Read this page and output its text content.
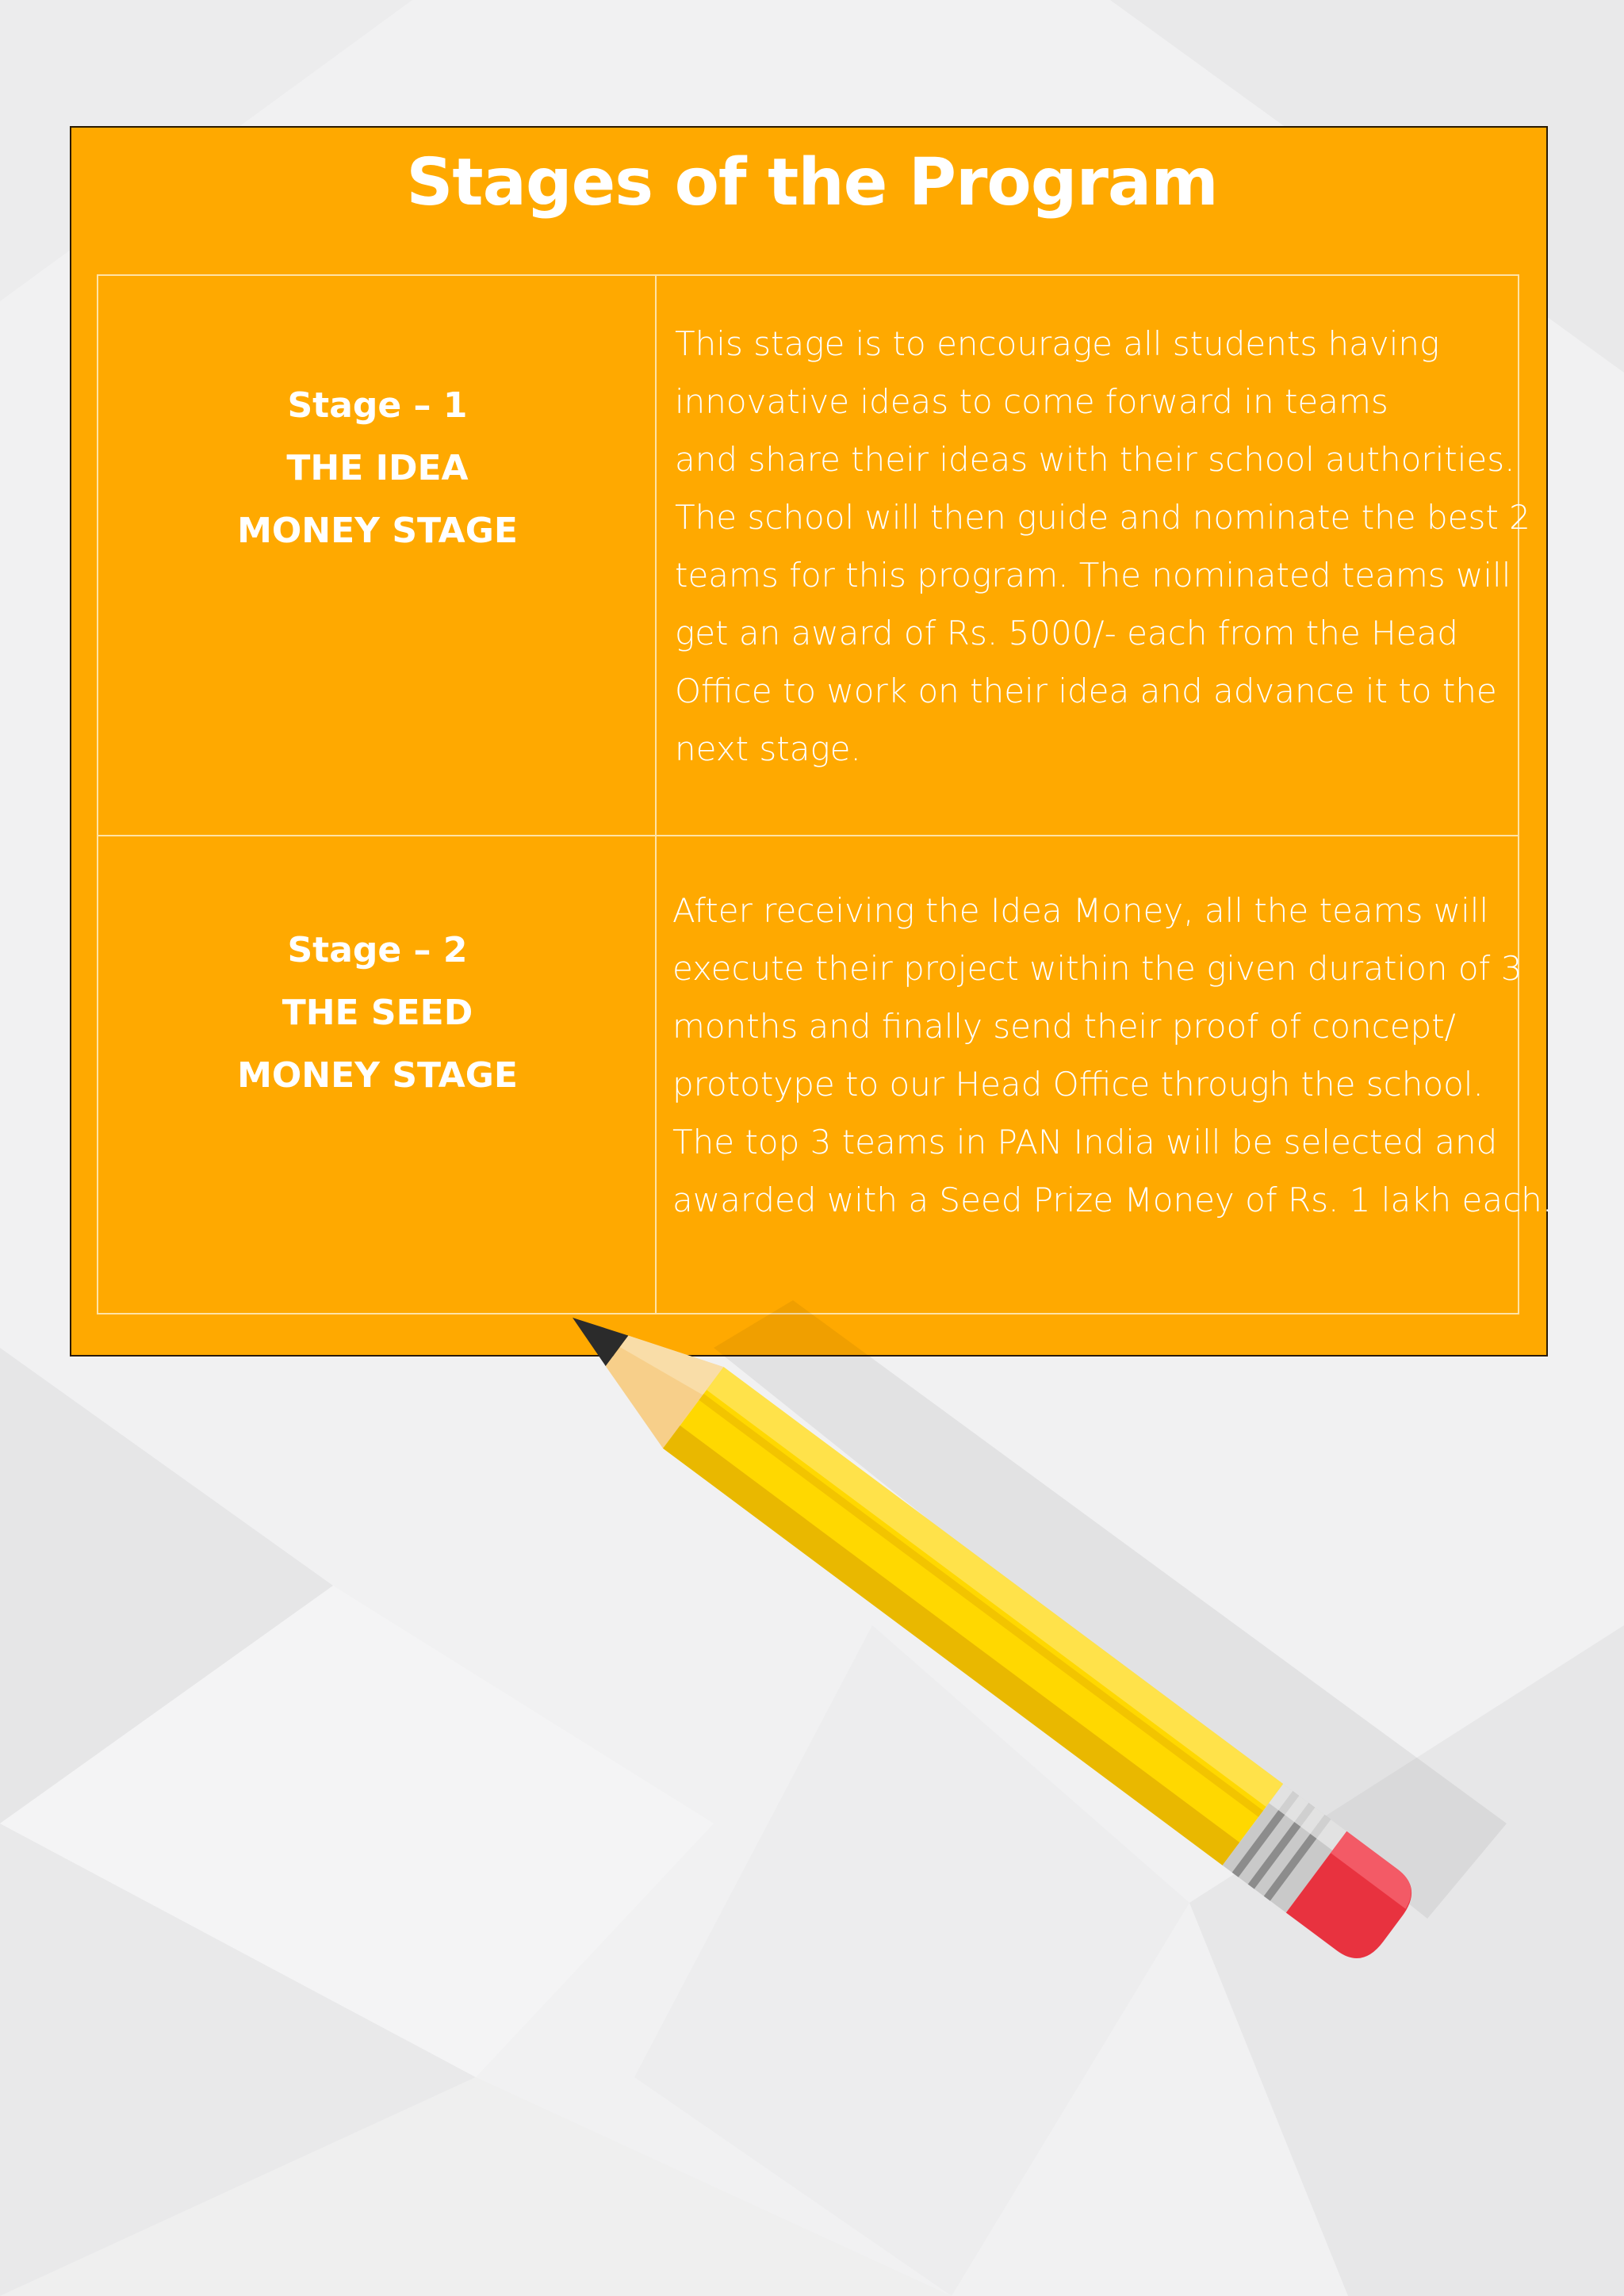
Stages of the Program
Stage – 1
THE IDEA
MONEY STAGE
This stage is to encourage all students having
innovative ideas to come forward in teams
and share their ideas with their school authorities.
The school will then guide and nominate the best 2
teams for this program. The nominated teams will
get an award of Rs. 5000/- each from the Head
Office to work on their idea and advance it to the
next stage.
Stage – 2
THE SEED
MONEY STAGE
After receiving the Idea Money, all the teams will
execute their project within the given duration of 3
months and finally send their proof of concept/
prototype to our Head Office through the school.
The top 3 teams in PAN India will be selected and
awarded with a Seed Prize Money of Rs. 1 lakh each.
